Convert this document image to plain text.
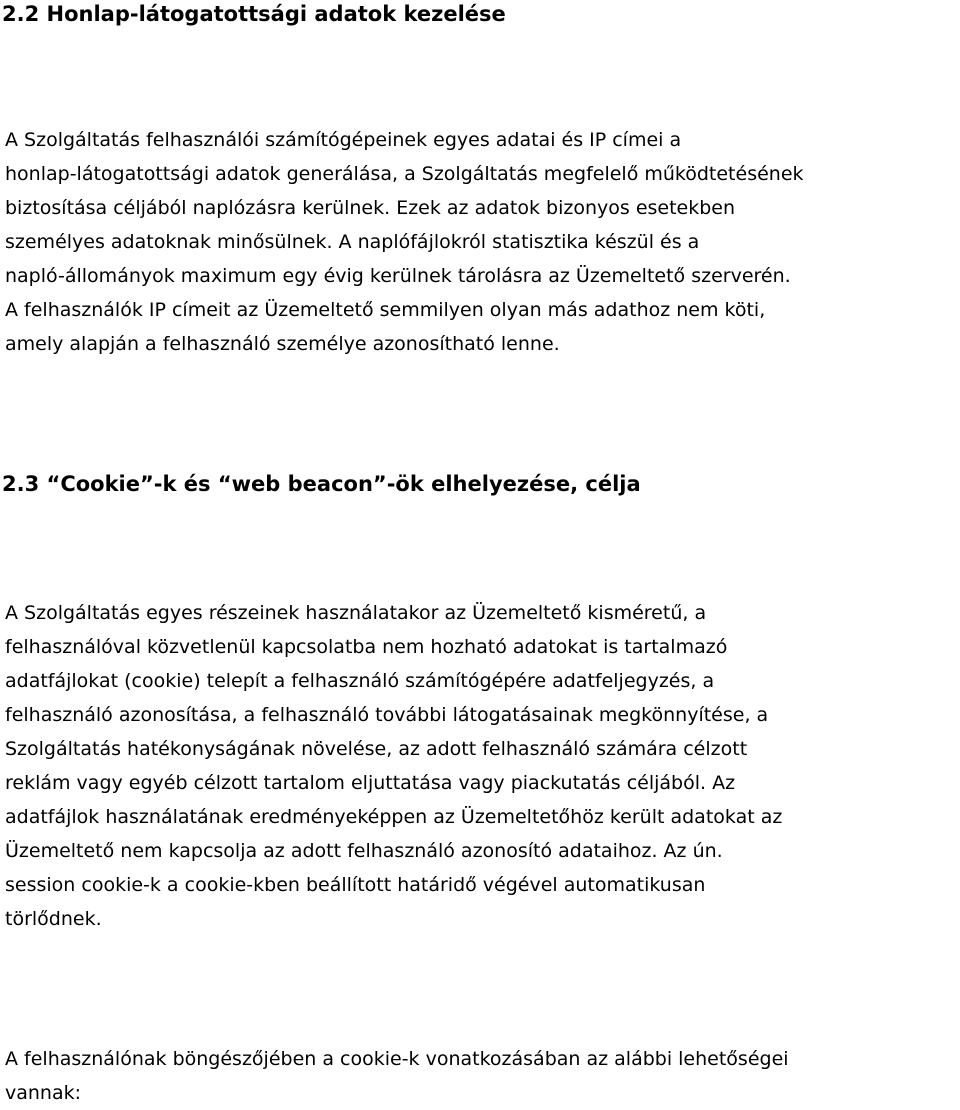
2.2 Honlap-látogatottsági adatok kezelése

A Szolgáltatás felhasználói számítógépeinek egyes adatai és IP címei a
honlap-látogatottsági adatok generálása, a Szolgáltatás megfelelő működtetésének
biztosítása céljából naplózásra kerülnek. Ezek az adatok bizonyos esetekben
személyes adatoknak minősülnek. A naplófájlokról statisztika készül és a
napló-állományok maximum egy évig kerülnek tárolásra az Üzemeltető szerverén.
A felhasználók IP címeit az Üzemeltető semmilyen olyan más adathoz nem köti,
amely alapján a felhasználó személye azonosítható lenne.

2.3 “Cookie”-k és “web beacon”-ök elhelyezése, célja

A Szolgáltatás egyes részeinek használatakor az Üzemeltető kisméretű, a
felhasználóval közvetlenül kapcsolatba nem hozható adatokat is tartalmazó
adatfájlokat (cookie) telepít a felhasználó számítógépére adatfeljegyzés, a
felhasználó azonosítása, a felhasználó további látogatásainak megkönnyítése, a
Szolgáltatás hatékonyságának növelése, az adott felhasználó számára célzott
reklám vagy egyéb célzott tartalom eljuttatása vagy piackutatás céljából. Az
adatfájlok használatának eredményeképpen az Üzemeltetőhöz került adatokat az
Üzemeltető nem kapcsolja az adott felhasználó azonosító adataihoz. Az ún.
session cookie-k a cookie-kben beállított határidő végével automatikusan
törlődnek.

A felhasználónak böngészőjében a cookie-k vonatkozásában az alábbi lehetőségei
vannak:
